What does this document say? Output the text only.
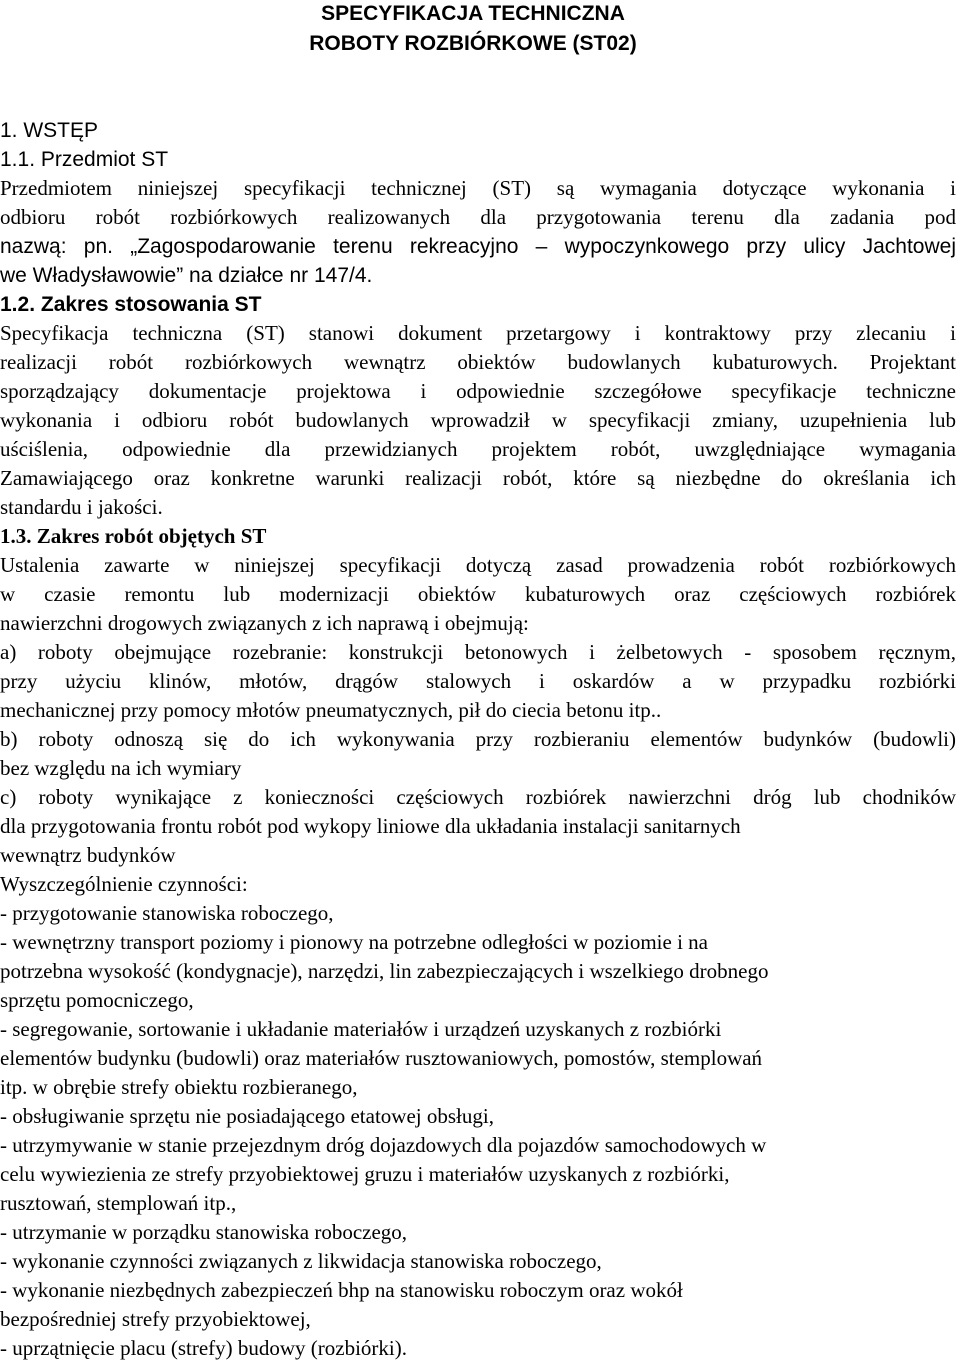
SPECYFIKACJA TECHNICZNA
ROBOTY ROZBIÓRKOWE (ST02)
1. WSTĘP
1.1. Przedmiot ST

Przedmiotem niniejszej specyfikacji technicznej (ST) są wymagania dotyczące wykonania i

odbioru robót rozbiórkowych realizowanych dla przygotowania terenu dla zadania pod

nazwą: pn. „Zagospodarowanie terenu rekreacyjno – wypoczynkowego przy ulicy Jachtowej

we Władysławowie” na działce nr 147/4.

1.2. Zakres stosowania ST

Specyfikacja techniczna (ST) stanowi dokument przetargowy i kontraktowy przy zlecaniu i

realizacji robót rozbiórkowych wewnątrz obiektów budowlanych kubaturowych. Projektant

sporządzający dokumentacje projektowa i odpowiednie szczegółowe specyfikacje techniczne

wykonania i odbioru robót budowlanych wprowadził w specyfikacji zmiany, uzupełnienia lub

uściślenia, odpowiednie dla przewidzianych projektem robót, uwzględniające wymagania

Zamawiającego oraz konkretne warunki realizacji robót, które są niezbędne do określania ich

standardu i jakości.

1.3. Zakres robót objętych ST

Ustalenia zawarte w niniejszej specyfikacji dotyczą zasad prowadzenia robót rozbiórkowych

w czasie remontu lub modernizacji obiektów kubaturowych oraz częściowych rozbiórek

nawierzchni drogowych związanych z ich naprawą i obejmują:

a) roboty obejmujące rozebranie: konstrukcji betonowych i żelbetowych - sposobem ręcznym,

przy użyciu klinów, młotów, drągów stalowych i oskardów a w przypadku rozbiórki

mechanicznej przy pomocy młotów pneumatycznych, pił do ciecia betonu itp..

b) roboty odnoszą się do ich wykonywania przy rozbieraniu elementów budynków (budowli)

bez względu na ich wymiary

c) roboty wynikające z konieczności częściowych rozbiórek nawierzchni dróg lub chodników

dla przygotowania frontu robót pod wykopy liniowe dla układania instalacji sanitarnych

wewnątrz budynków

Wyszczególnienie czynności:

- przygotowanie stanowiska roboczego,

- wewnętrzny transport poziomy i pionowy na potrzebne odległości w poziomie i na

potrzebna wysokość (kondygnacje), narzędzi, lin zabezpieczających i wszelkiego drobnego

sprzętu pomocniczego,

- segregowanie, sortowanie i układanie materiałów i urządzeń uzyskanych z rozbiórki

elementów budynku (budowli) oraz materiałów rusztowaniowych, pomostów, stemplowań

itp. w obrębie strefy obiektu rozbieranego,

- obsługiwanie sprzętu nie posiadającego etatowej obsługi,

- utrzymywanie w stanie przejezdnym dróg dojazdowych dla pojazdów samochodowych w

celu wywiezienia ze strefy przyobiektowej gruzu i materiałów uzyskanych z rozbiórki,

rusztowań, stemplowań itp.,

- utrzymanie w porządku stanowiska roboczego,

- wykonanie czynności związanych z likwidacja stanowiska roboczego,

- wykonanie niezbędnych zabezpieczeń bhp na stanowisku roboczym oraz wokół

bezpośredniej strefy przyobiektowej,

- uprzątnięcie placu (strefy) budowy (rozbiórki).
